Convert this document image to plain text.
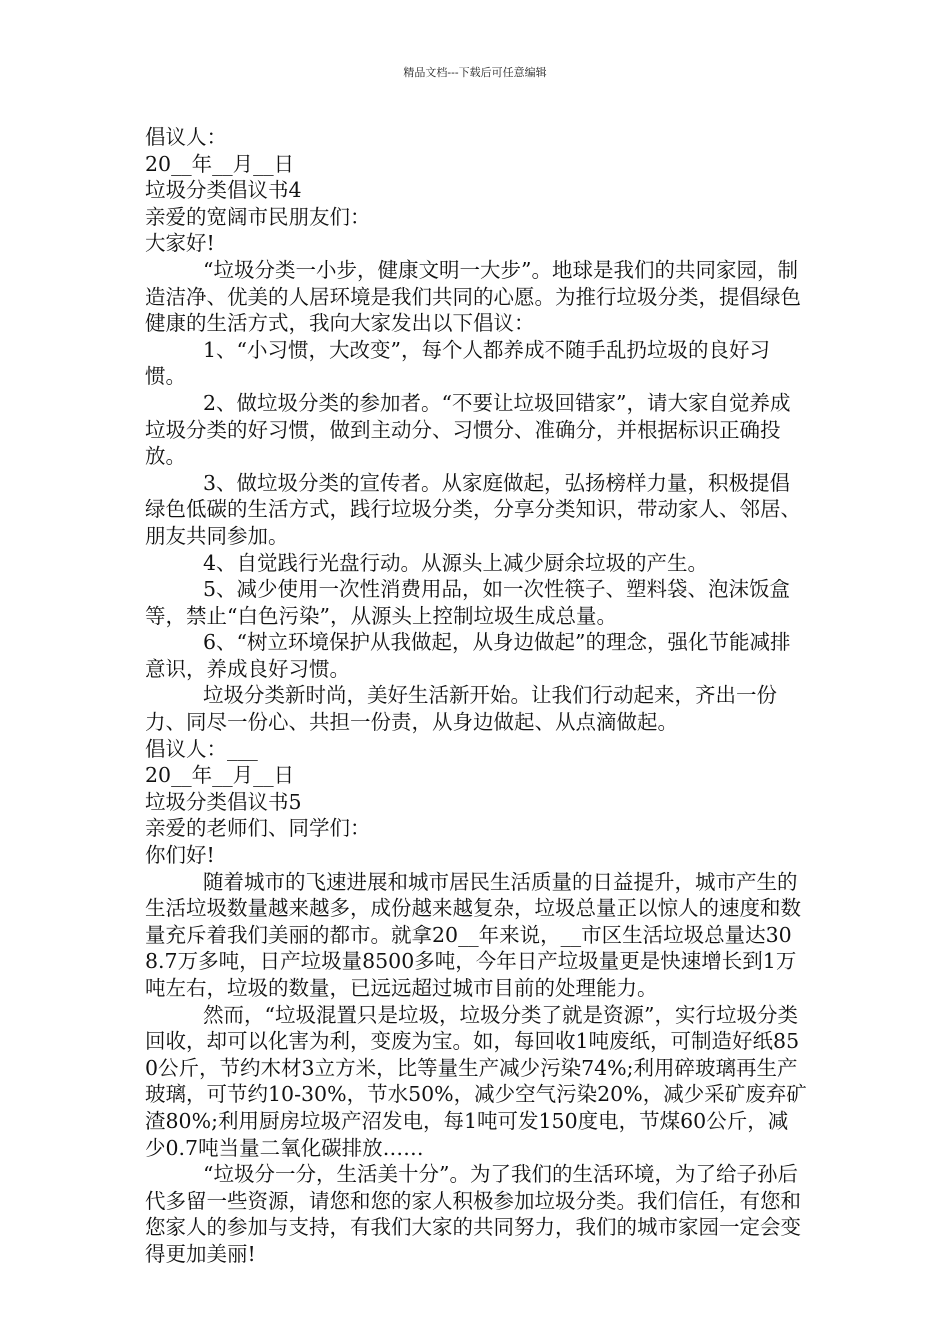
精品文档---下载后可任意编辑

倡议人：

20__年__月__日

垃圾分类倡议书4

亲爱的宽阔市民朋友们：

大家好!

“垃圾分类一小步，健康文明一大步”。地球是我们的共同家园，制造洁净、优美的人居环境是我们共同的心愿。为推行垃圾分类，提倡绿色健康的生活方式，我向大家发出以下倡议：

1、“小习惯，大改变”，每个人都养成不随手乱扔垃圾的良好习惯。

2、做垃圾分类的参加者。“不要让垃圾回错家”，请大家自觉养成垃圾分类的好习惯，做到主动分、习惯分、准确分，并根据标识正确投放。

3、做垃圾分类的宣传者。从家庭做起，弘扬榜样力量，积极提倡绿色低碳的生活方式，践行垃圾分类，分享分类知识，带动家人、邻居、朋友共同参加。

4、自觉践行光盘行动。从源头上减少厨余垃圾的产生。

5、减少使用一次性消费用品，如一次性筷子、塑料袋、泡沫饭盒等，禁止“白色污染”，从源头上控制垃圾生成总量。

6、“树立环境保护从我做起，从身边做起”的理念，强化节能减排意识，养成良好习惯。

垃圾分类新时尚，美好生活新开始。让我们行动起来，齐出一份力、同尽一份心、共担一份责，从身边做起、从点滴做起。

倡议人：___

20__年__月__日

垃圾分类倡议书5

亲爱的老师们、同学们：

你们好!

随着城市的飞速进展和城市居民生活质量的日益提升，城市产生的生活垃圾数量越来越多，成份越来越复杂，垃圾总量正以惊人的速度和数量充斥着我们美丽的都市。就拿20__年来说，__市区生活垃圾总量达308.7万多吨，日产垃圾量8500多吨，今年日产垃圾量更是快速增长到1万吨左右，垃圾的数量，已远远超过城市目前的处理能力。

然而，“垃圾混置只是垃圾，垃圾分类了就是资源”，实行垃圾分类回收，却可以化害为利，变废为宝。如，每回收1吨废纸，可制造好纸850公斤，节约木材3立方米，比等量生产减少污染74%;利用碎玻璃再生产玻璃，可节约10-30%，节水50%，减少空气污染20%，减少采矿废弃矿渣80%;利用厨房垃圾产沼发电，每1吨可发150度电，节煤60公斤，减少0.7吨当量二氧化碳排放……

“垃圾分一分，生活美十分”。为了我们的生活环境，为了给子孙后代多留一些资源，请您和您的家人积极参加垃圾分类。我们信任，有您和您家人的参加与支持，有我们大家的共同努力，我们的城市家园一定会变得更加美丽!
